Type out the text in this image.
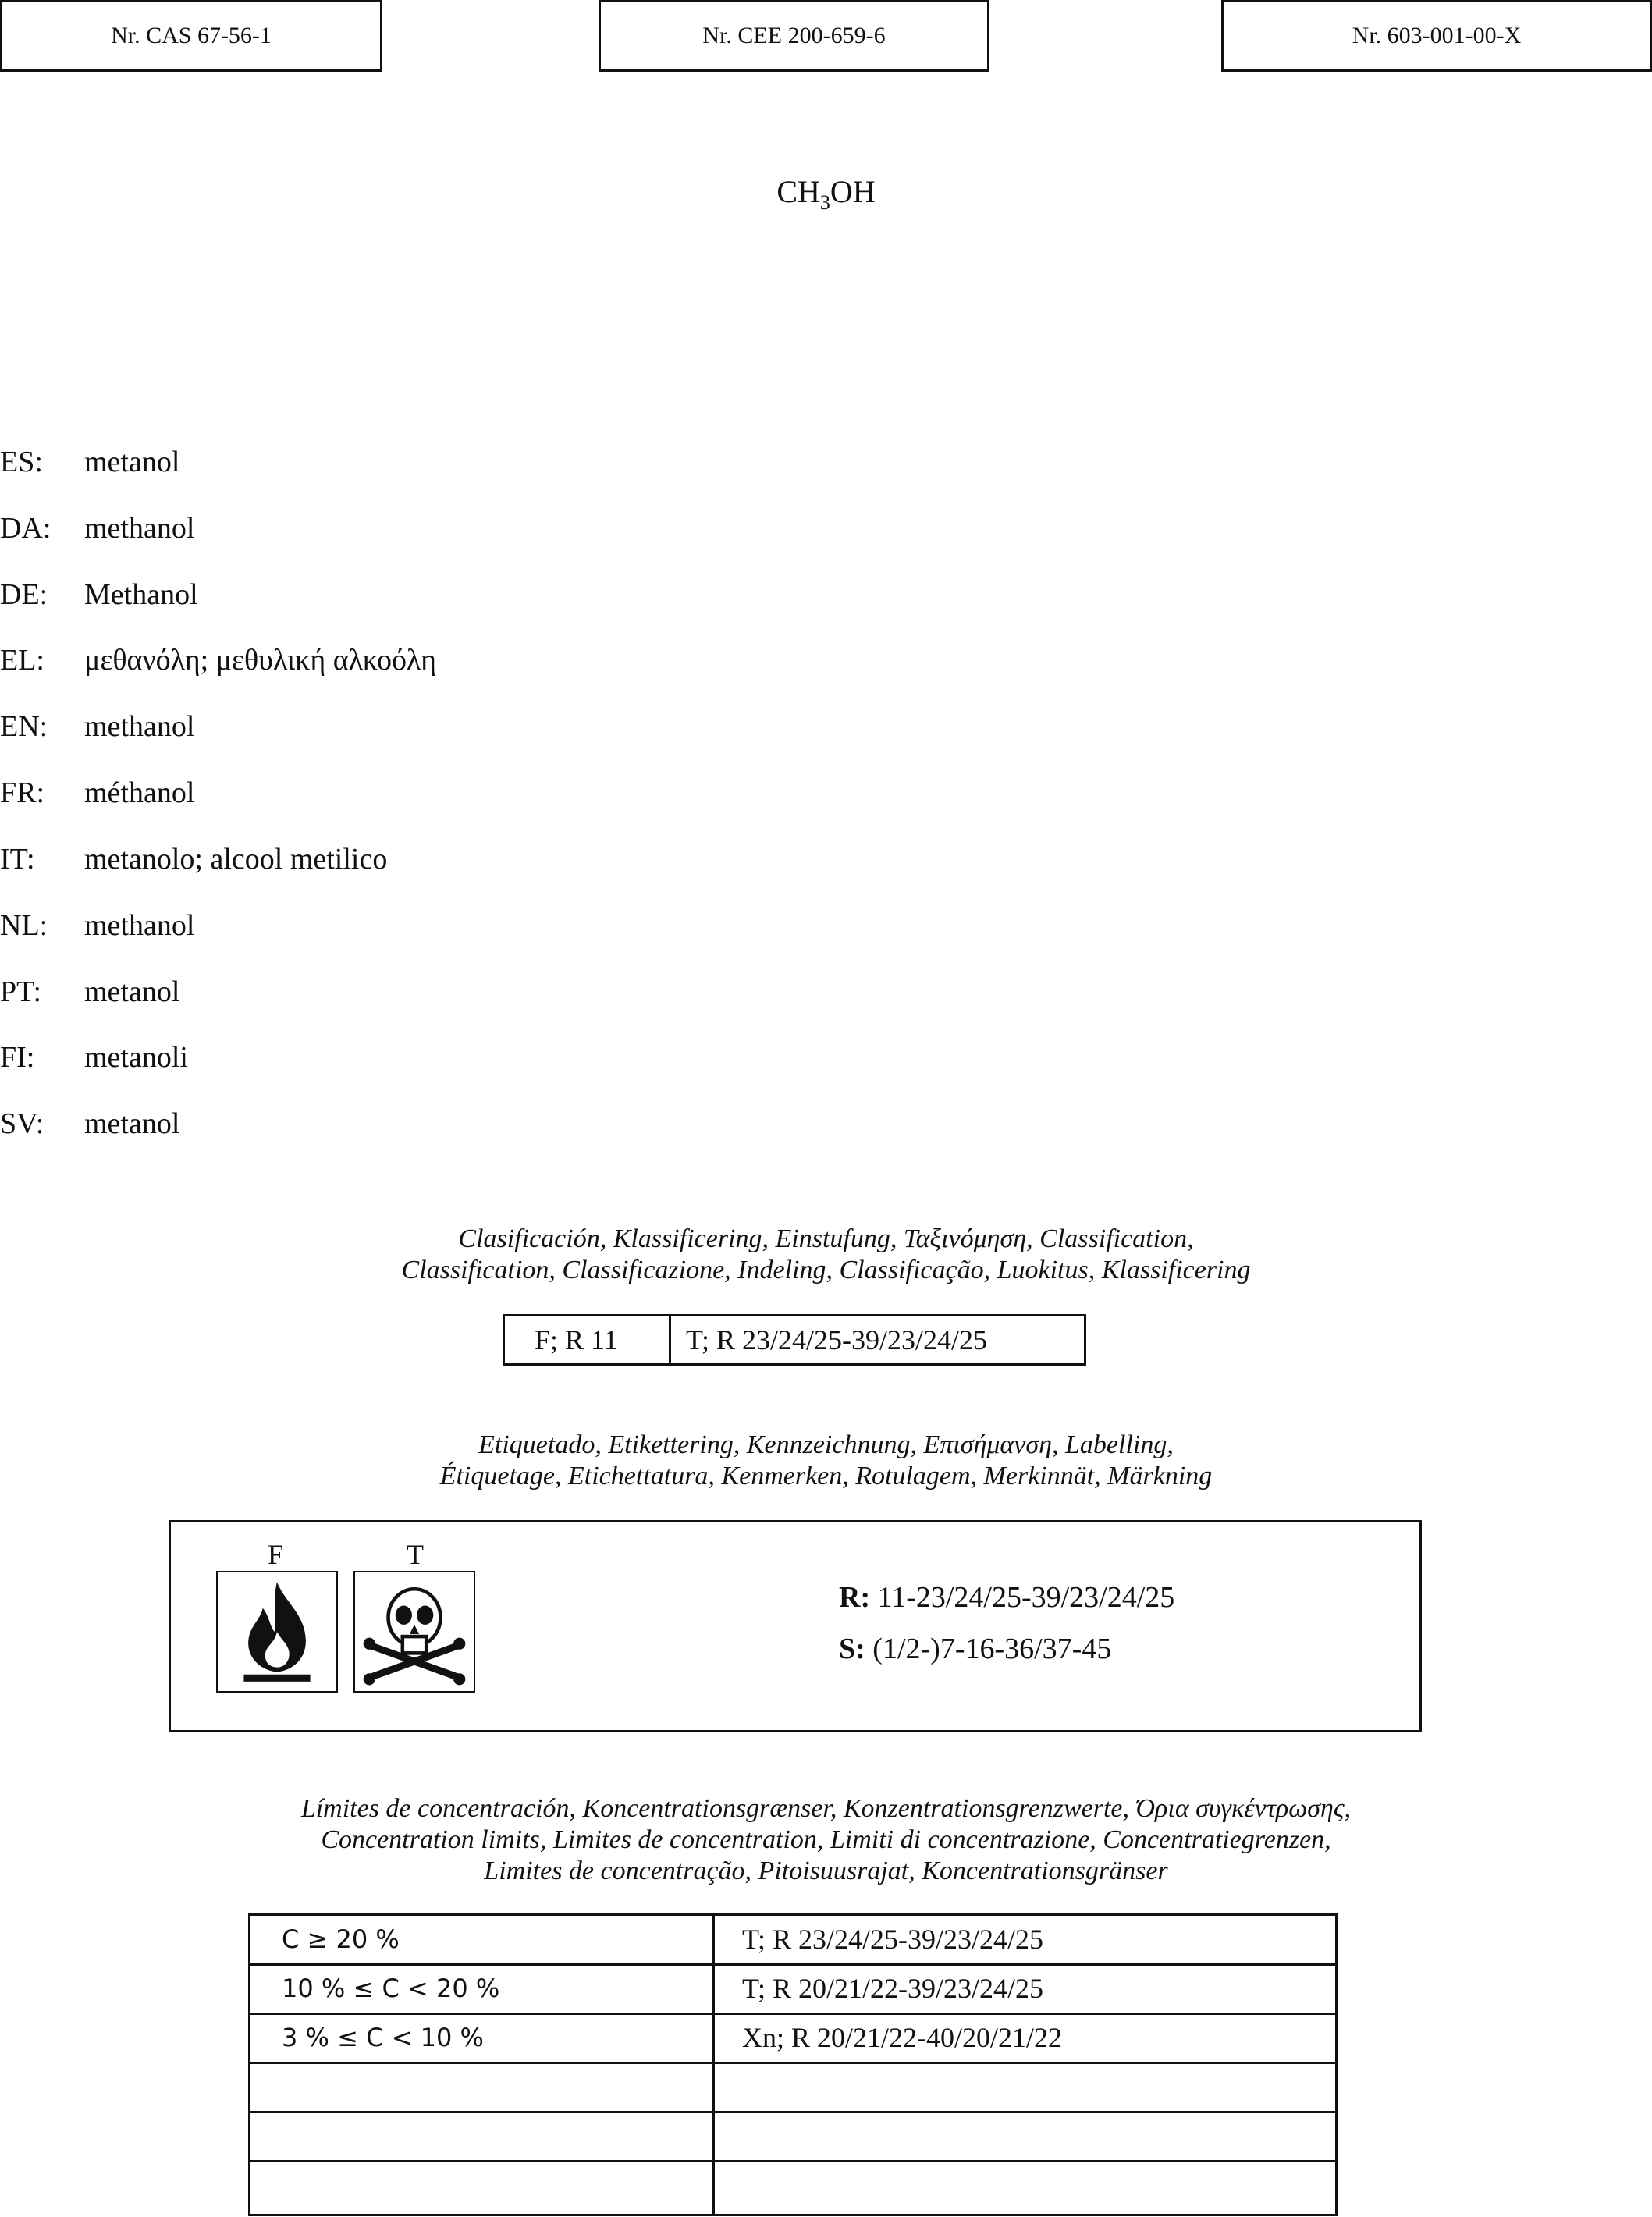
Nr. CAS 67-56-1	Nr. CEE 200-659-6	Nr. 603-001-00-X
$CH_3OH$
ES:	metanol
DA:	methanol
DE:	Methanol
EL:	μεθανόλη; μεθυλική αλκοόλη
EN:	methanol
FR:	méthanol
IT:	metanolo; alcool metilico
NL:	methanol
PT:	metanol
FI:	metanoli
SV:	metanol
Clasificación, Klassificering, Einstufung, Ταξινόμηση, Classification,
Classification, Classificazione, Indeling, Classificação, Luokitus, Klassificering
F; R 11 T; R 23/24/25-39/23/24/25
Etiquetado, Etikettering, Kennzeichnung, Επισήμανση, Labelling,
Étiquetage, Etichettatura, Kenmerken, Rotulagem, Merkinnät, Märkning
F	T
R: 11-23/24/25-39/23/24/25
S: (1/2-)7-16-36/37-45
Límites de concentración, Koncentrationsgrænser, Konzentrationsgrenzwerte, Όρια συγκέντρωσης,
Concentration limits, Limites de concentration, Limiti di concentrazione, Concentratiegrenzen,
Limites de concentração, Pitoisuusrajat, Koncentrationsgränser
C ≥ 20 %	T; R 23/24/25-39/23/24/25
10 % ≤ C < 20 %	T; R 20/21/22-39/23/24/25
3 % ≤ C < 10 %	Xn; R 20/21/22-40/20/21/22
